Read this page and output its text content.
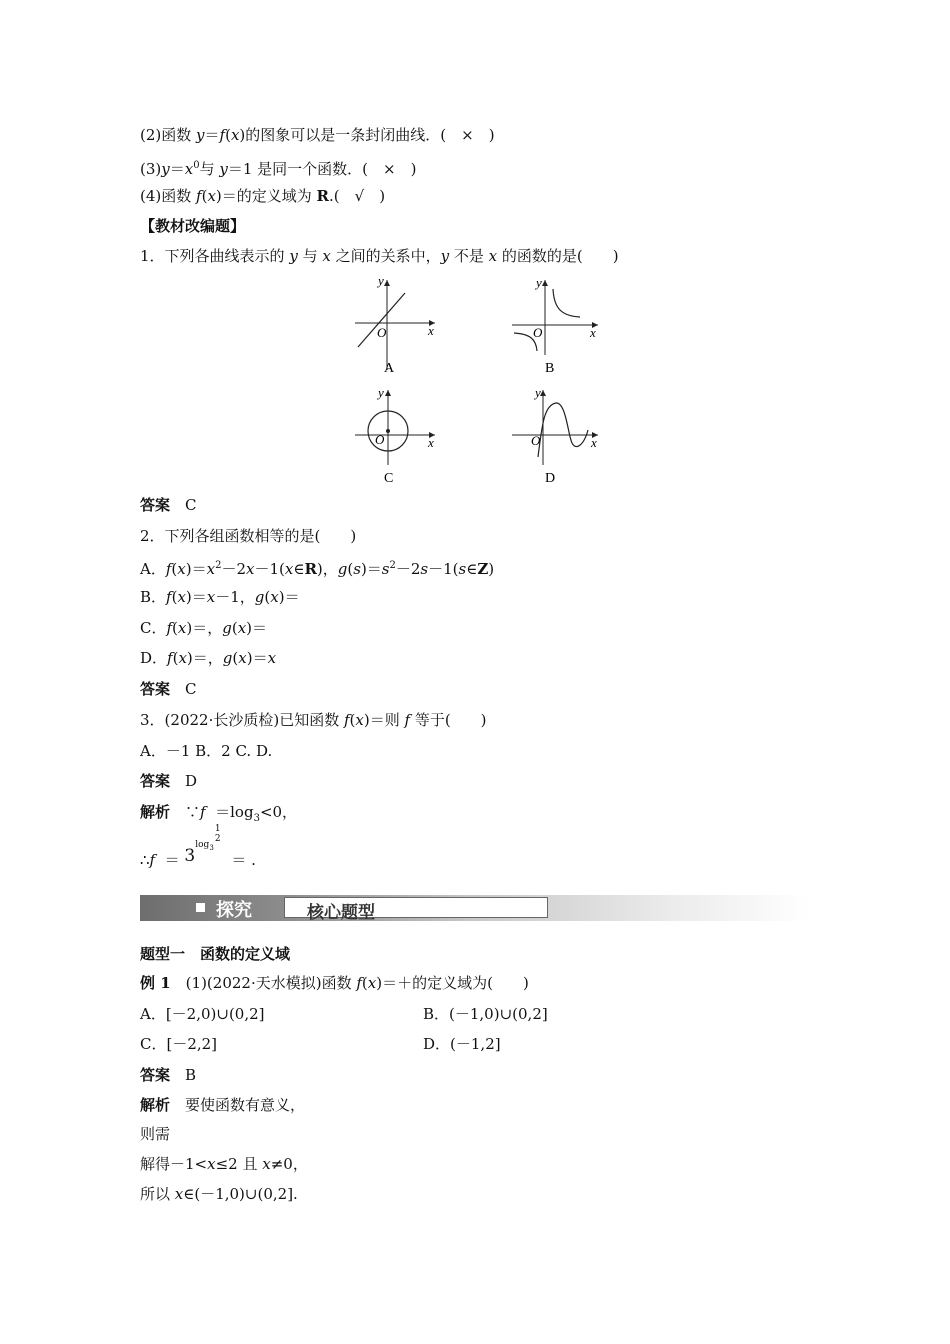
(2)函数 y＝f(x)的图象可以是一条封闭曲线．(　×　)
$(3)y=x^0$与 y＝1 是同一个函数．(　×　)
(4)函数 f(x)＝的定义域为 R.(　√　)
【教材改编题】
1．下列各曲线表示的 y 与 x 之间的关系中，y 不是 x 的函数的是(　　)
y
x
O
A
y
x
O
B
y
x
O
C
y
x
O
D
答案　C
2．下列各组函数相等的是(　　)
A．$f(x)=x^2-2x-1(x\in R)$，$g(s)=s^2-2s-1(s\in Z)$
B．f(x)＝x－1，g(x)＝
C．f(x)＝，g(x)＝
D．f(x)＝，g(x)＝x
答案　C
3．(2022·长沙质检)已知函数 f(x)＝则 f 等于(　　)
A．－1 B．2 C. D.
答案　D
解析　∵f  $=\log_3<0$，
∴f  ＝ $3^{log3}$
1
2
＝ .
探究	核心题型
题型一　函数的定义域
例 1　(1)(2022·天水模拟)函数 f(x)＝＋的定义域为(　　)
A．[－2,0)∪(0,2]	B．(－1,0)∪(0,2]
C．[－2,2]	D．(－1,2]
答案　B
解析　要使函数有意义，
则需
解得－1<x≤2 且 x≠0，
所以 x∈(－1,0)∪(0,2].
